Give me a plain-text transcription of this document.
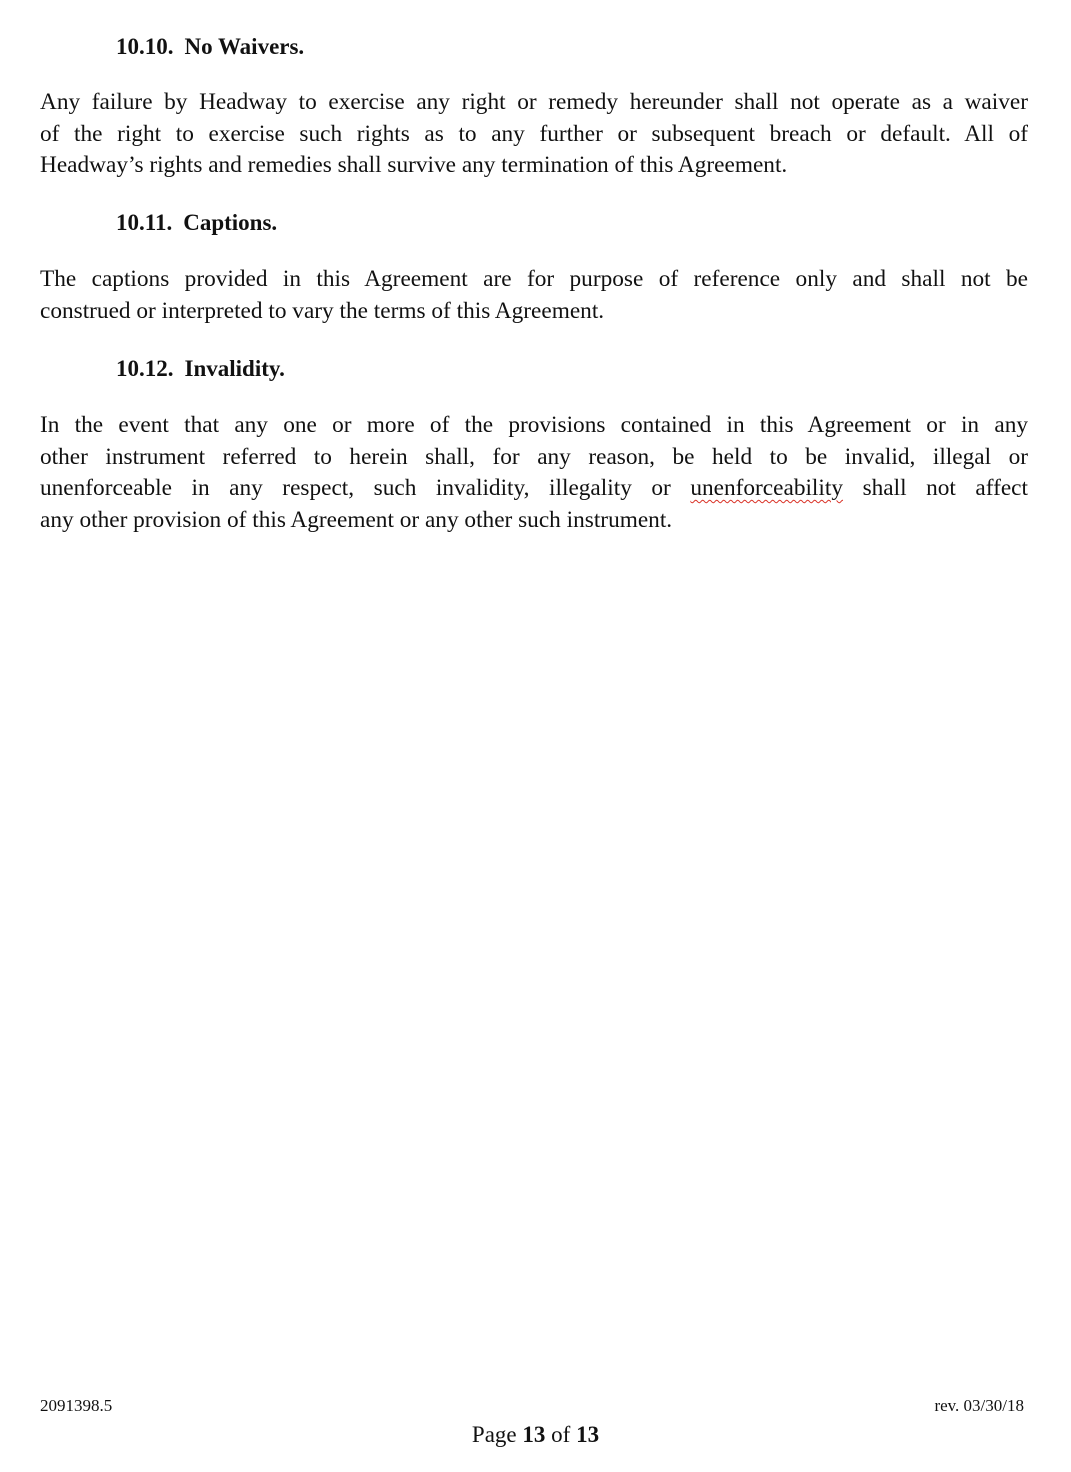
10.10. No Waivers.
Any failure by Headway to exercise any right or remedy hereunder shall not operate as a waiver
of the right to exercise such rights as to any further or subsequent breach or default. All of
Headway’s rights and remedies shall survive any termination of this Agreement.
10.11. Captions.
The captions provided in this Agreement are for purpose of reference only and shall not be
construed or interpreted to vary the terms of this Agreement.
10.12. Invalidity.
In the event that any one or more of the provisions contained in this Agreement or in any
other instrument referred to herein shall, for any reason, be held to be invalid, illegal or
unenforceable in any respect, such invalidity, illegality or unenforceability shall not affect
any other provision of this Agreement or any other such instrument.
2091398.5	rev. 03/30/18
Page 13 of 13
